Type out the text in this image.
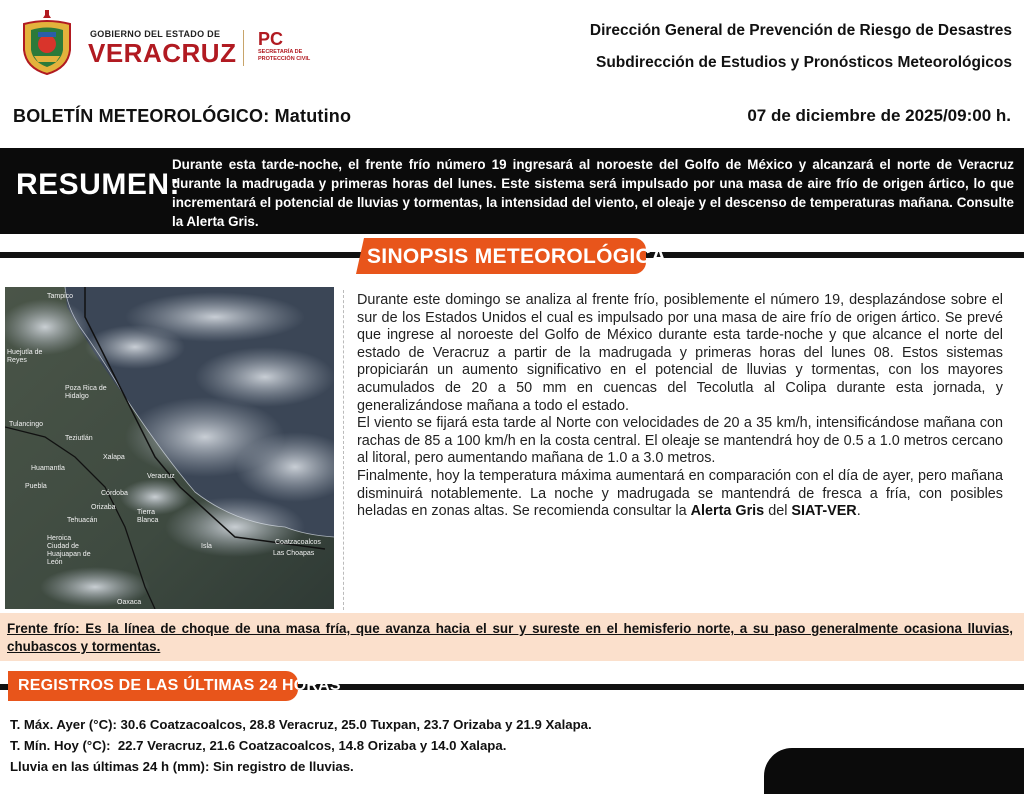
GOBIERNO DEL ESTADO DE
VERACRUZ PC
SECRETARÍA DE PROTECCIÓN CIVIL
Dirección General de Prevención de Riesgo de Desastres
Subdirección de Estudios y Pronósticos Meteorológicos
BOLETÍN METEOROLÓGICO: Matutino	07 de diciembre de 2025/09:00 h.
RESUMEN:
Durante esta tarde-noche, el frente frío número 19 ingresará al noroeste del Golfo de México y alcanzará el norte de Veracruz durante la madrugada y primeras horas del lunes. Este sistema será impulsado por una masa de aire frío de origen ártico, lo que incrementará el potencial de lluvias y tormentas, la intensidad del viento, el oleaje y el descenso de temperaturas mañana. Consulte la Alerta Gris.
SINOPSIS METEOROLÓGICA
Tampico
Huejutla de Reyes
Poza Rica de Hidalgo
Tulancingo
Teziutlán
Xalapa
Huamantla
Veracruz
Puebla
Córdoba
Orizaba
Tehuacán
Tierra Blanca
Heroica Ciudad de Huajuapan de León
Isla
Coatzacoalcos
Las Choapas
Oaxaca

Durante este domingo se analiza al frente frío, posiblemente el número 19, desplazándose sobre el sur de los Estados Unidos el cual es impulsado por una masa de aire frío de origen ártico. Se prevé que ingrese al noroeste del Golfo de México durante esta tarde-noche y que alcance el norte del estado de Veracruz a partir de la madrugada y primeras horas del lunes 08. Estos sistemas propiciarán un aumento significativo en el potencial de lluvias y tormentas, con los mayores acumulados de 20 a 50 mm en cuencas del Tecolutla al Colipa durante esta jornada, y generalizándose mañana a todo el estado.

El viento se fijará esta tarde al Norte con velocidades de 20 a 35 km/h, intensificándose mañana con rachas de 85 a 100 km/h en la costa central. El oleaje se mantendrá hoy de 0.5 a 1.0 metros cercano al litoral, pero aumentando mañana de 1.0 a 3.0 metros.

Finalmente, hoy la temperatura máxima aumentará en comparación con el día de ayer, pero mañana disminuirá notablemente. La noche y madrugada se mantendrá de fresca a fría, con posibles heladas en zonas altas. Se recomienda consultar la Alerta Gris del SIAT-VER.

Frente frío: Es la línea de choque de una masa fría, que avanza hacia el sur y sureste en el hemisferio norte, a su paso generalmente ocasiona lluvias, chubascos y tormentas.
REGISTROS DE LAS ÚLTIMAS 24 HORAS
T. Máx. Ayer (°C): 30.6 Coatzacoalcos, 28.8 Veracruz, 25.0 Tuxpan, 23.7 Orizaba y 21.9 Xalapa.
T. Mín. Hoy (°C):  22.7 Veracruz, 21.6 Coatzacoalcos, 14.8 Orizaba y 14.0 Xalapa.
Lluvia en las últimas 24 h (mm): Sin registro de lluvias.
